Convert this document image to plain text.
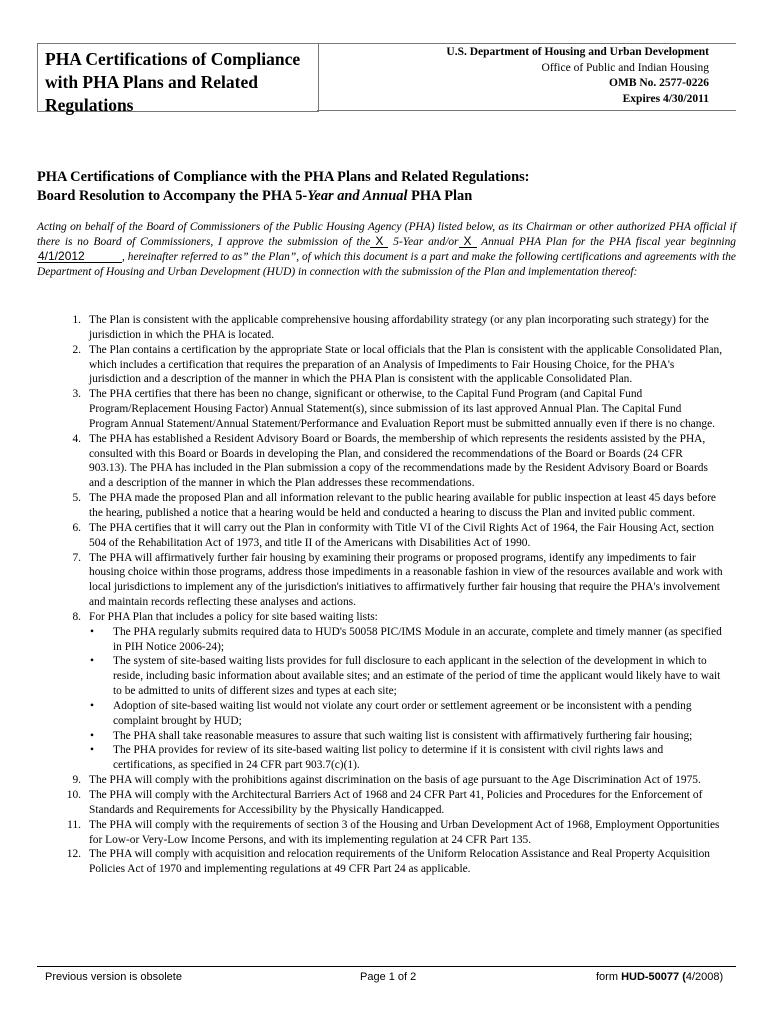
PHA Certifications of Compliance with PHA Plans and Related Regulations
U.S. Department of Housing and Urban Development
Office of Public and Indian Housing
OMB No. 2577-0226
Expires 4/30/2011
PHA Certifications of Compliance with the PHA Plans and Related Regulations:
Board Resolution to Accompany the PHA 5-Year and Annual PHA Plan
Acting on behalf of the Board of Commissioners of the Public Housing Agency (PHA) listed below, as its Chairman or other authorized PHA official if there is no Board of Commissioners, I approve the submission of the X 5-Year and/or X Annual PHA Plan for the PHA fiscal year beginning 4/1/2012	, hereinafter referred to as” the Plan”, of which this document is a part and make the following certifications and agreements with the Department of Housing and Urban Development (HUD) in connection with the submission of the Plan and implementation thereof:
1. The Plan is consistent with the applicable comprehensive housing affordability strategy (or any plan incorporating such strategy) for the jurisdiction in which the PHA is located.
2. The Plan contains a certification by the appropriate State or local officials that the Plan is consistent with the applicable Consolidated Plan, which includes a certification that requires the preparation of an Analysis of Impediments to Fair Housing Choice, for the PHA's jurisdiction and a description of the manner in which the PHA Plan is consistent with the applicable Consolidated Plan.
3. The PHA certifies that there has been no change, significant or otherwise, to the Capital Fund Program (and Capital Fund Program/Replacement Housing Factor) Annual Statement(s), since submission of its last approved Annual Plan. The Capital Fund Program Annual Statement/Annual Statement/Performance and Evaluation Report must be submitted annually even if there is no change.
4. The PHA has established a Resident Advisory Board or Boards, the membership of which represents the residents assisted by the PHA, consulted with this Board or Boards in developing the Plan, and considered the recommendations of the Board or Boards (24 CFR 903.13). The PHA has included in the Plan submission a copy of the recommendations made by the Resident Advisory Board or Boards and a description of the manner in which the Plan addresses these recommendations.
5. The PHA made the proposed Plan and all information relevant to the public hearing available for public inspection at least 45 days before the hearing, published a notice that a hearing would be held and conducted a hearing to discuss the Plan and invited public comment.
6. The PHA certifies that it will carry out the Plan in conformity with Title VI of the Civil Rights Act of 1964, the Fair Housing Act, section 504 of the Rehabilitation Act of 1973, and title II of the Americans with Disabilities Act of 1990.
7. The PHA will affirmatively further fair housing by examining their programs or proposed programs, identify any impediments to fair housing choice within those programs, address those impediments in a reasonable fashion in view of the resources available and work with local jurisdictions to implement any of the jurisdiction's initiatives to affirmatively further fair housing that require the PHA's involvement and maintain records reflecting these analyses and actions.
8. For PHA Plan that includes a policy for site based waiting lists:
• The PHA regularly submits required data to HUD's 50058 PIC/IMS Module in an accurate, complete and timely manner (as specified in PIH Notice 2006-24);
• The system of site-based waiting lists provides for full disclosure to each applicant in the selection of the development in which to reside, including basic information about available sites; and an estimate of the period of time the applicant would likely have to wait to be admitted to units of different sizes and types at each site;
• Adoption of site-based waiting list would not violate any court order or settlement agreement or be inconsistent with a pending complaint brought by HUD;
• The PHA shall take reasonable measures to assure that such waiting list is consistent with affirmatively furthering fair housing;
• The PHA provides for review of its site-based waiting list policy to determine if it is consistent with civil rights laws and certifications, as specified in 24 CFR part 903.7(c)(1).
9. The PHA will comply with the prohibitions against discrimination on the basis of age pursuant to the Age Discrimination Act of 1975.
10. The PHA will comply with the Architectural Barriers Act of 1968 and 24 CFR Part 41, Policies and Procedures for the Enforcement of Standards and Requirements for Accessibility by the Physically Handicapped.
11. The PHA will comply with the requirements of section 3 of the Housing and Urban Development Act of 1968, Employment Opportunities for Low-or Very-Low Income Persons, and with its implementing regulation at 24 CFR Part 135.
12. The PHA will comply with acquisition and relocation requirements of the Uniform Relocation Assistance and Real Property Acquisition Policies Act of 1970 and implementing regulations at 49 CFR Part 24 as applicable.
Previous version is obsolete	Page 1 of 2	form HUD-50077 (4/2008)
